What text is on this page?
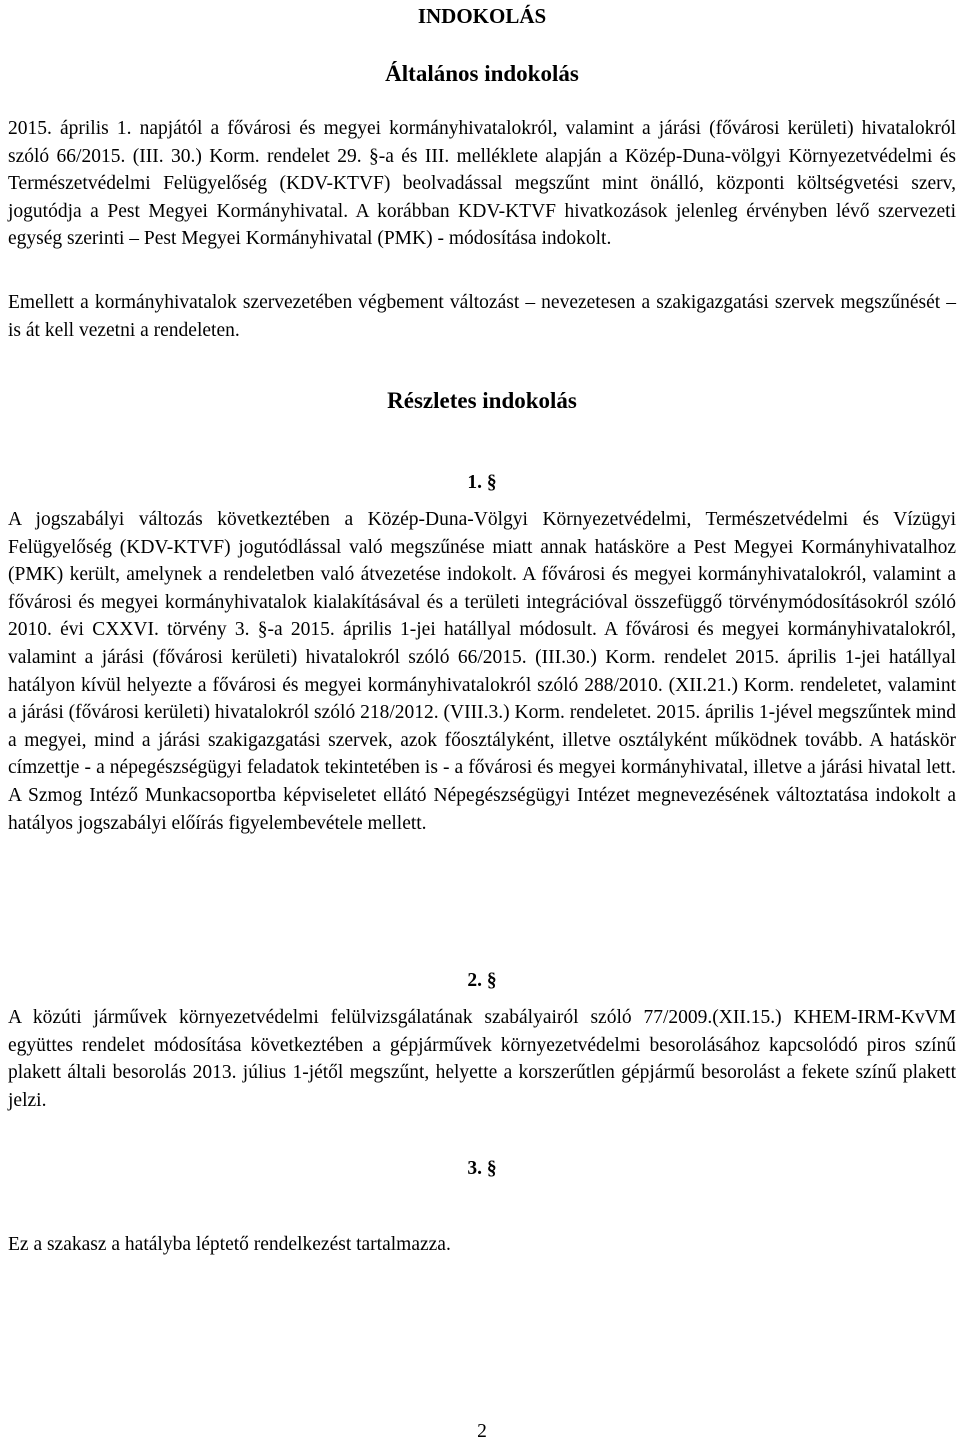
INDOKOLÁS
Általános indokolás

2015. április 1. napjától a fővárosi és megyei kormányhivatalokról, valamint a járási (fővárosi kerületi) hivatalokról szóló 66/2015. (III. 30.) Korm. rendelet 29. §-a és III. melléklete alapján a Közép-Duna-völgyi Környezetvédelmi és Természetvédelmi Felügyelőség (KDV-KTVF) beolvadással megszűnt mint önálló, központi költségvetési szerv, jogutódja a Pest Megyei Kormányhivatal. A korábban KDV-KTVF hivatkozások jelenleg érvényben lévő szervezeti egység szerinti – Pest Megyei Kormányhivatal (PMK) - módosítása indokolt.

Emellett a kormányhivatalok szervezetében végbement változást – nevezetesen a szakigazgatási szervek megszűnését – is át kell vezetni a rendeleten.

Részletes indokolás
1. §

A jogszabályi változás következtében a Közép-Duna-Völgyi Környezetvédelmi, Természetvédelmi és Vízügyi Felügyelőség (KDV-KTVF) jogutódlással való megszűnése miatt annak hatásköre a Pest Megyei Kormányhivatalhoz (PMK) került, amelynek a rendeletben való átvezetése indokolt. A fővárosi és megyei kormányhivatalokról, valamint a fővárosi és megyei kormányhivatalok kialakításával és a területi integrációval összefüggő törvénymódosításokról szóló 2010. évi CXXVI. törvény 3. §-a 2015. április 1-jei hatállyal módosult. A fővárosi és megyei kormányhivatalokról, valamint a járási (fővárosi kerületi) hivatalokról szóló 66/2015. (III.30.) Korm. rendelet 2015. április 1-jei hatállyal hatályon kívül helyezte a fővárosi és megyei kormányhivatalokról szóló 288/2010. (XII.21.) Korm. rendeletet, valamint a járási (fővárosi kerületi) hivatalokról szóló 218/2012. (VIII.3.) Korm. rendeletet. 2015. április 1-jével megszűntek mind a megyei, mind a járási szakigazgatási szervek, azok főosztályként, illetve osztályként működnek tovább. A hatáskör címzettje - a népegészségügyi feladatok tekintetében is - a fővárosi és megyei kormányhivatal, illetve a járási hivatal lett. A Szmog Intéző Munkacsoportba képviseletet ellátó Népegészségügyi Intézet megnevezésének változtatása indokolt a hatályos jogszabályi előírás figyelembevétele mellett.

2. §

A közúti járművek környezetvédelmi felülvizsgálatának szabályairól szóló 77/2009.(XII.15.) KHEM-IRM-KvVM együttes rendelet módosítása következtében a gépjárművek környezetvédelmi besorolásához kapcsolódó piros színű plakett általi besorolás 2013. július 1-jétől megszűnt, helyette a korszerűtlen gépjármű besorolást a fekete színű plakett jelzi.

3. §

Ez a szakasz a hatályba léptető rendelkezést tartalmazza.

2
